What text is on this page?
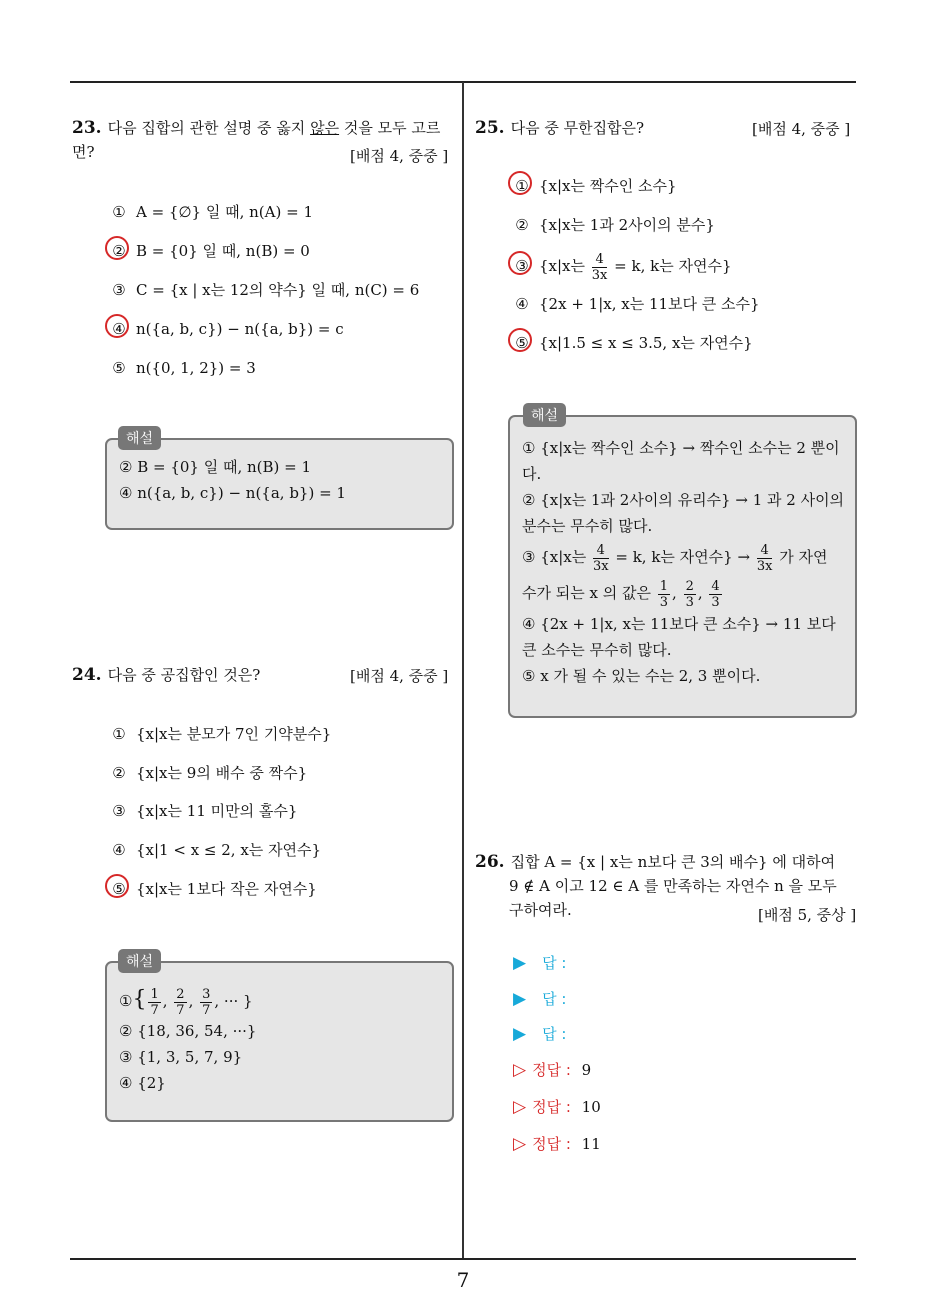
7
23. 다음 집합의 관한 설명 중 옳지 않은 것을 모두 고르면?	[배점 4, 중중 ]
① A = {∅} 일 때, n(A) = 1
② B = {0} 일 때, n(B) = 0
③ C = {x | x는 12의 약수} 일 때, n(C) = 6
④ n({a, b, c}) − n({a, b}) = c
⑤ n({0, 1, 2}) = 3
② B = {0} 일 때, n(B) = 1
④ n({a, b, c}) − n({a, b}) = 1
해설
24. 다음 중 공집합인 것은?	[배점 4, 중중 ]
① {x|x는 분모가 7인 기약분수}
② {x|x는 9의 배수 중 짝수}
③ {x|x는 11 미만의 홀수}
④ {x|1 < x ≤ 2, x는 자연수}
⑤ {x|x는 1보다 작은 자연수}
①{ $\frac{1}{7}$ , $\frac{2}{7}$ , $\frac{3}{7}$ , ··· }
② {18, 36, 54, ···}
③ {1, 3, 5, 7, 9}
④ {2}
해설
25. 다음 중 무한집합은?	[배점 4, 중중 ]
① {x|x는 짝수인 소수}
② {x|x는 1과 2사이의 분수}
③ {x|x는 $\frac{4}{3x} = k$, k는 자연수}
④ {2x + 1|x, x는 11보다 큰 소수}
⑤ {x|1.5 ≤ x ≤ 3.5, x는 자연수}
① {x|x는 짝수인 소수} → 짝수인 소수는 2 뿐이
다.
② {x|x는 1과 2사이의 유리수} → 1 과 2 사이의
분수는 무수히 많다.
③ {x|x는 $\frac{4}{3x} = k$, k는 자연수} → $\frac{4}{3x}$ 가 자연
수가 되는 x 의 값은 $\frac{1}{3}$ , $\frac{2}{3}$ , $\frac{4}{3}$
④ {2x + 1|x, x는 11보다 큰 소수} → 11 보다
큰 소수는 무수히 많다.
⑤ x 가 될 수 있는 수는 2, 3 뿐이다.
해설
26. 집합 A = {x | x는 n보다 큰 3의 배수} 에 대하여
9 ∉ A 이고 12 ∈ A 를 만족하는 자연수 n 을 모두
구하여라.	[배점 5, 중상 ]
▶ 답 :
▶ 답 :
▶ 답 :
▷ 정답 : 9
▷ 정답 : 10
▷ 정답 : 11
